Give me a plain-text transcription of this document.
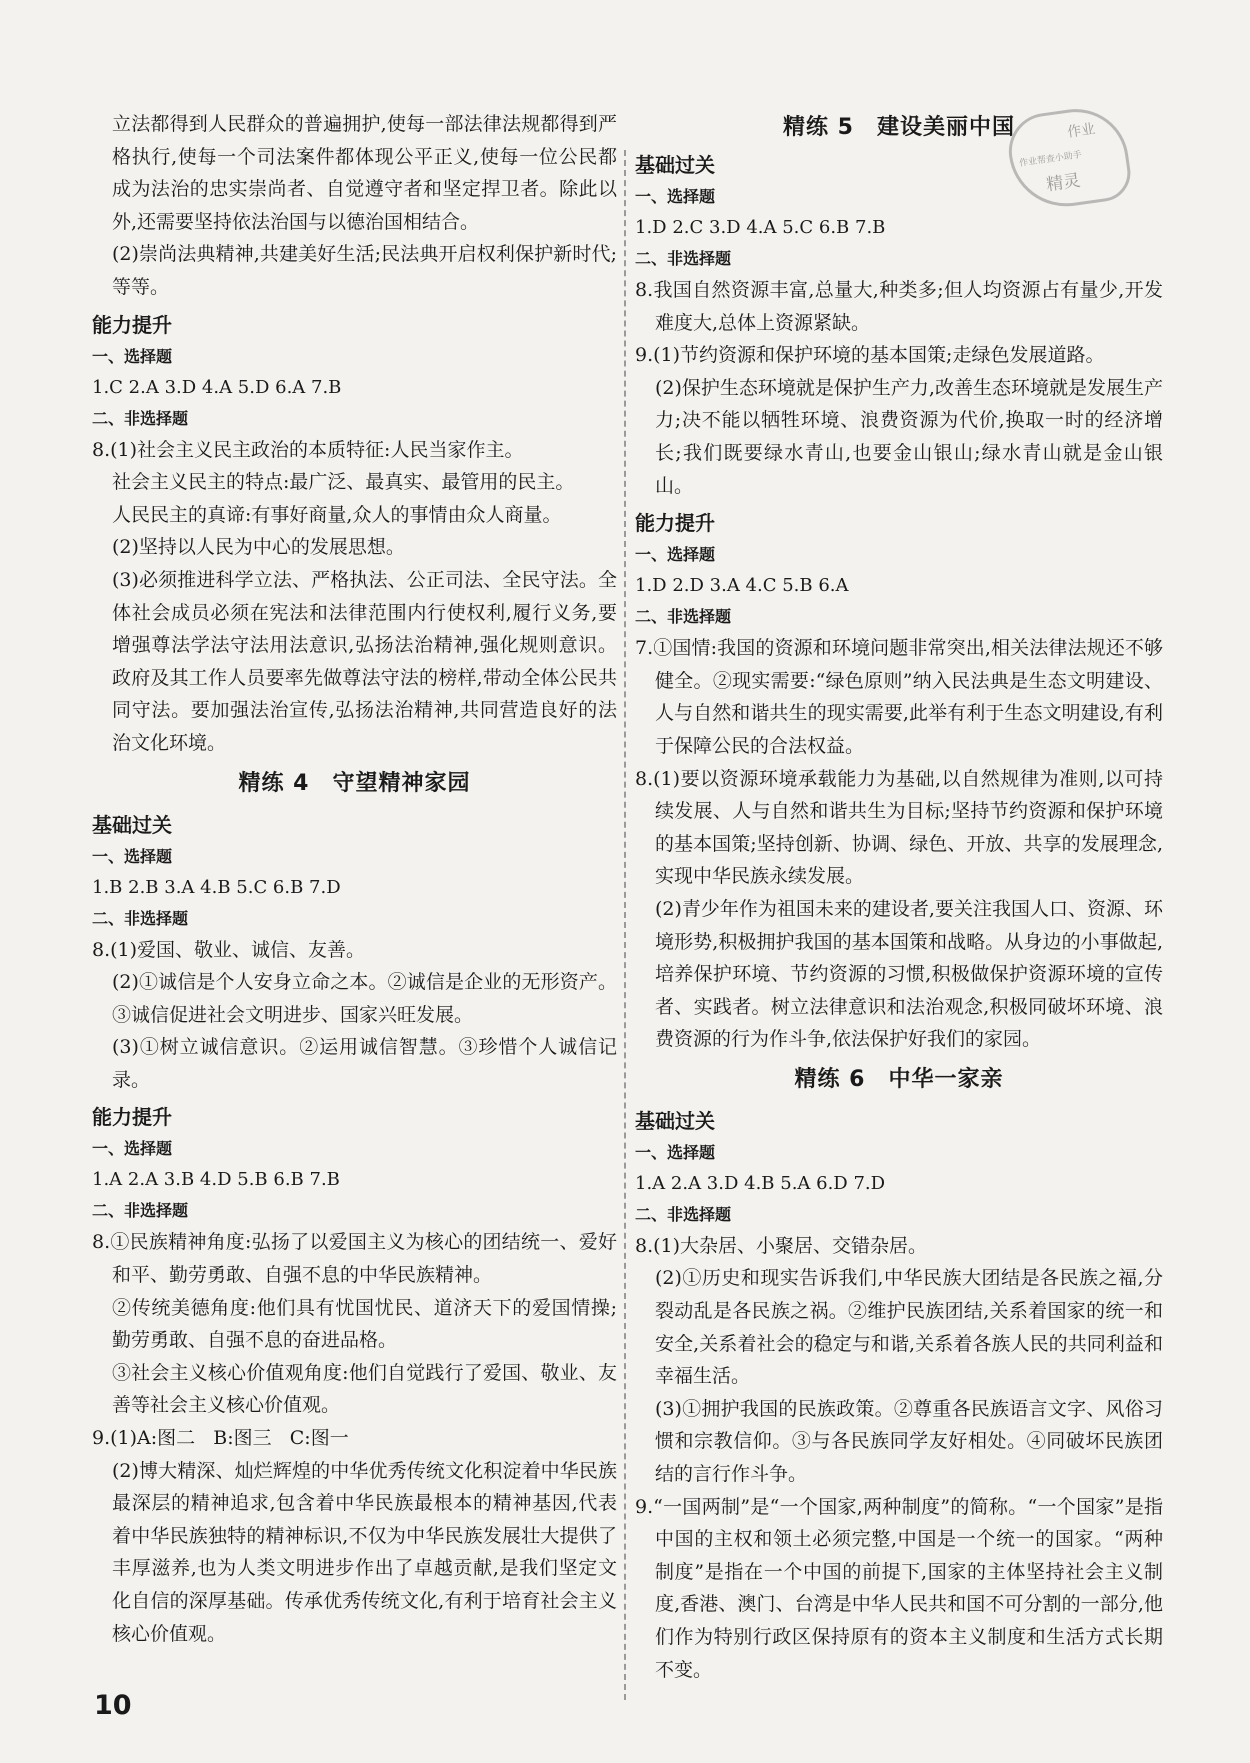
立法都得到人民群众的普遍拥护,使每一部法律法规都得到严格执行,使每一个司法案件都体现公平正义,使每一位公民都成为法治的忠实崇尚者、自觉遵守者和坚定捍卫者。除此以外,还需要坚持依法治国与以德治国相结合。

(2)崇尚法典精神,共建美好生活;民法典开启权利保护新时代;等等。

能力提升

一、选择题

1.C 2.A 3.D 4.A 5.D 6.A 7.B

二、非选择题

8.(1)社会主义民主政治的本质特征:人民当家作主。

社会主义民主的特点:最广泛、最真实、最管用的民主。

人民民主的真谛:有事好商量,众人的事情由众人商量。

(2)坚持以人民为中心的发展思想。

(3)必须推进科学立法、严格执法、公正司法、全民守法。全体社会成员必须在宪法和法律范围内行使权利,履行义务,要增强尊法学法守法用法意识,弘扬法治精神,强化规则意识。政府及其工作人员要率先做尊法守法的榜样,带动全体公民共同守法。要加强法治宣传,弘扬法治精神,共同营造良好的法治文化环境。

精练 4　守望精神家园

基础过关

一、选择题

1.B 2.B 3.A 4.B 5.C 6.B 7.D

二、非选择题

8.(1)爱国、敬业、诚信、友善。

(2)①诚信是个人安身立命之本。②诚信是企业的无形资产。③诚信促进社会文明进步、国家兴旺发展。

(3)①树立诚信意识。②运用诚信智慧。③珍惜个人诚信记录。

能力提升

一、选择题

1.A 2.A 3.B 4.D 5.B 6.B 7.B

二、非选择题

8.①民族精神角度:弘扬了以爱国主义为核心的团结统一、爱好和平、勤劳勇敢、自强不息的中华民族精神。

②传统美德角度:他们具有忧国忧民、道济天下的爱国情操;勤劳勇敢、自强不息的奋进品格。

③社会主义核心价值观角度:他们自觉践行了爱国、敬业、友善等社会主义核心价值观。

9.(1)A:图二   B:图三   C:图一

(2)博大精深、灿烂辉煌的中华优秀传统文化积淀着中华民族最深层的精神追求,包含着中华民族最根本的精神基因,代表着中华民族独特的精神标识,不仅为中华民族发展壮大提供了丰厚滋养,也为人类文明进步作出了卓越贡献,是我们坚定文化自信的深厚基础。传承优秀传统文化,有利于培育社会主义核心价值观。

精练 5　建设美丽中国

基础过关

一、选择题

1.D 2.C 3.D 4.A 5.C 6.B 7.B

二、非选择题

8.我国自然资源丰富,总量大,种类多;但人均资源占有量少,开发难度大,总体上资源紧缺。

9.(1)节约资源和保护环境的基本国策;走绿色发展道路。

(2)保护生态环境就是保护生产力,改善生态环境就是发展生产力;决不能以牺牲环境、浪费资源为代价,换取一时的经济增长;我们既要绿水青山,也要金山银山;绿水青山就是金山银山。

能力提升

一、选择题

1.D 2.D 3.A 4.C 5.B 6.A

二、非选择题

7.①国情:我国的资源和环境问题非常突出,相关法律法规还不够健全。②现实需要:“绿色原则”纳入民法典是生态文明建设、人与自然和谐共生的现实需要,此举有利于生态文明建设,有利于保障公民的合法权益。

8.(1)要以资源环境承载能力为基础,以自然规律为准则,以可持续发展、人与自然和谐共生为目标;坚持节约资源和保护环境的基本国策;坚持创新、协调、绿色、开放、共享的发展理念,实现中华民族永续发展。

(2)青少年作为祖国未来的建设者,要关注我国人口、资源、环境形势,积极拥护我国的基本国策和战略。从身边的小事做起,培养保护环境、节约资源的习惯,积极做保护资源环境的宣传者、实践者。树立法律意识和法治观念,积极同破坏环境、浪费资源的行为作斗争,依法保护好我们的家园。

精练 6　中华一家亲

基础过关

一、选择题

1.A 2.A 3.D 4.B 5.A 6.D 7.D

二、非选择题

8.(1)大杂居、小聚居、交错杂居。

(2)①历史和现实告诉我们,中华民族大团结是各民族之福,分裂动乱是各民族之祸。②维护民族团结,关系着国家的统一和安全,关系着社会的稳定与和谐,关系着各族人民的共同利益和幸福生活。

(3)①拥护我国的民族政策。②尊重各民族语言文字、风俗习惯和宗教信仰。③与各民族同学友好相处。④同破坏民族团结的言行作斗争。

9.“一国两制”是“一个国家,两种制度”的简称。“一个国家”是指中国的主权和领土必须完整,中国是一个统一的国家。“两种制度”是指在一个中国的前提下,国家的主体坚持社会主义制度,香港、澳门、台湾是中华人民共和国不可分割的一部分,他们作为特别行政区保持原有的资本主义制度和生活方式长期不变。

作业
作业帮查小助手
精灵
10
